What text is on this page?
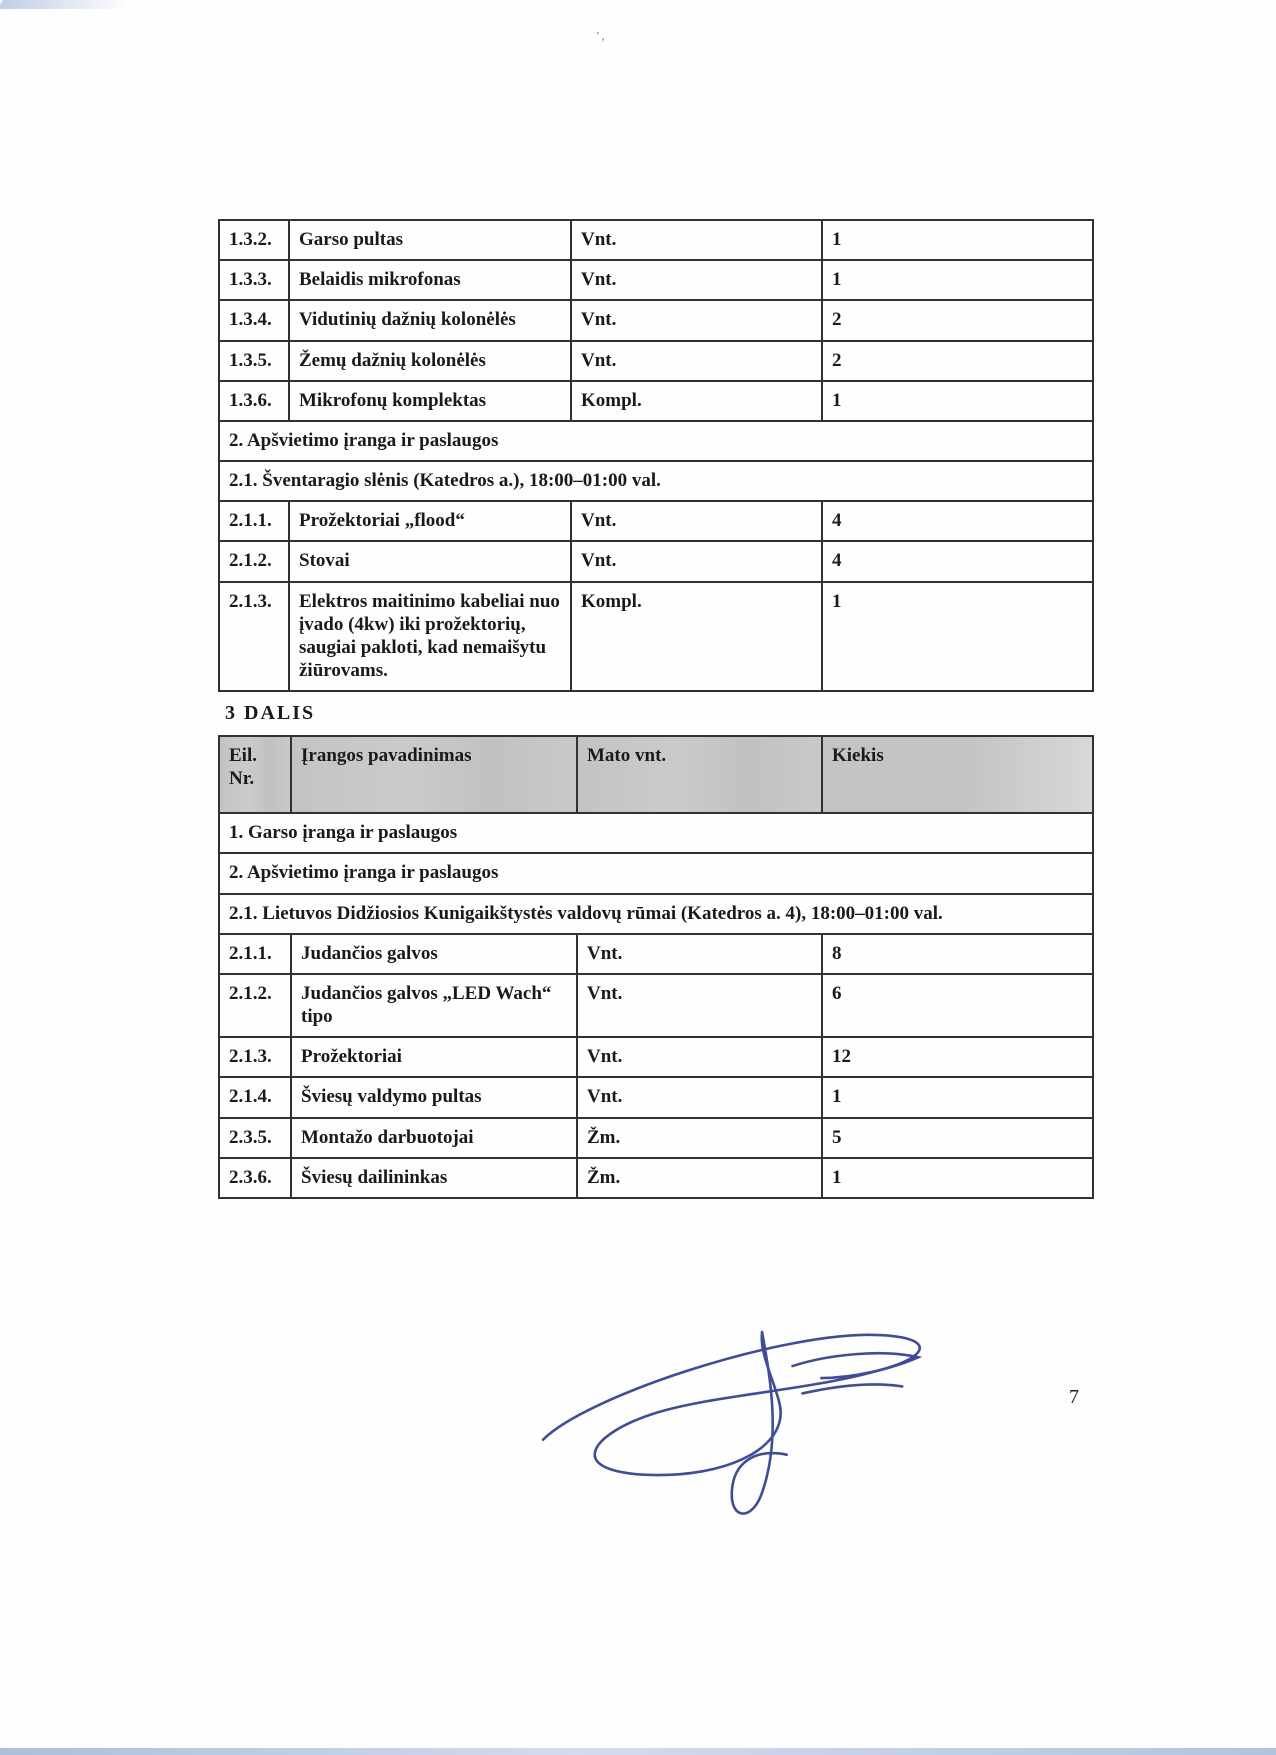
’‚
1.3.2.	Garso pultas	Vnt.	1
1.3.3.	Belaidis mikrofonas	Vnt.	1
1.3.4.	Vidutinių dažnių kolonėlės	Vnt.	2
1.3.5.	Žemų dažnių kolonėlės	Vnt.	2
1.3.6.	Mikrofonų komplektas	Kompl.	1
2. Apšvietimo įranga ir paslaugos			
2.1. Šventaragio slėnis (Katedros a.), 18:00–01:00 val.			
2.1.1.	Prožektoriai „flood“	Vnt.	4
2.1.2.	Stovai	Vnt.	4
2.1.3.	Elektros maitinimo kabeliai nuo įvado (4kw) iki prožektorių, saugiai pakloti, kad nemaišytu žiūrovams.	Kompl.	1
3 DALIS
Eil.
Nr.	Įrangos pavadinimas	Mato vnt.	Kiekis
1. Garso įranga ir paslaugos			
2. Apšvietimo įranga ir paslaugos			
2.1. Lietuvos Didžiosios Kunigaikštystės valdovų rūmai (Katedros a. 4), 18:00–01:00 val.			
2.1.1.	Judančios galvos	Vnt.	8
2.1.2.	Judančios galvos „LED Wach“ tipo	Vnt.	6
2.1.3.	Prožektoriai	Vnt.	12
2.1.4.	Šviesų valdymo pultas	Vnt.	1
2.3.5.	Montažo darbuotojai	Žm.	5
2.3.6.	Šviesų dailininkas	Žm.	1
7
